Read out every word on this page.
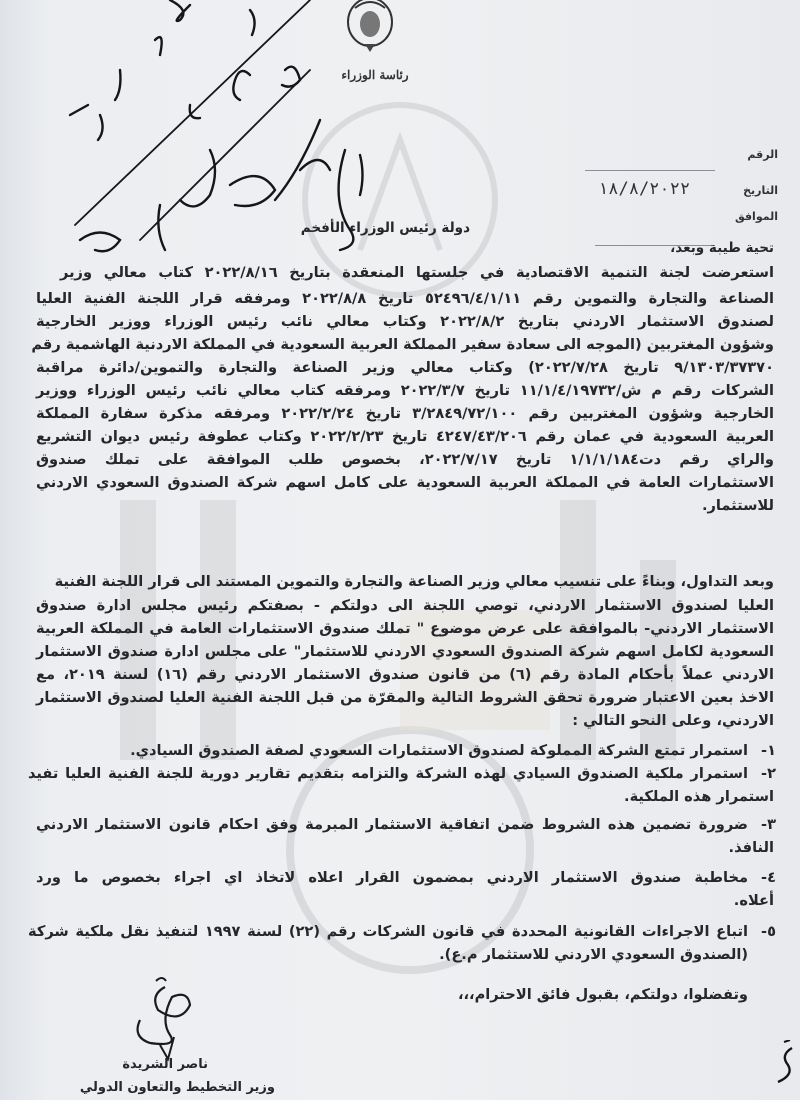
رئاسة الوزراء
الرقم
التاريخ
١٨/٨/٢٠٢٢
الموافق
دولة رئيس الوزراء الأفخم
تحية طيبة وبعد،
استعرضت لجنة التنمية الاقتصادية في جلستها المنعقدة بتاريخ ٢٠٢٢/٨/١٦ كتاب معالي وزير
الصناعة والتجارة والتموين رقم ٥٢٤٩٦/٤/١/١١ تاريخ ٢٠٢٢/٨/٨ ومرفقه قرار اللجنة الفنية العليا
لصندوق الاستثمار الاردني بتاريخ ٢٠٢٢/٨/٢ وكتاب معالي نائب رئيس الوزراء ووزير الخارجية
وشؤون المغتربين (الموجه الى سعادة سفير المملكة العربية السعودية في المملكة الاردنية الهاشمية رقم
٩/١٣٠٣/٣٧٣٧٠ تاريخ ٢٠٢٢/٧/٢٨) وكتاب معالي وزير الصناعة والتجارة والتموين/دائرة مراقبة
الشركات رقم م ش/١١/١/٤/١٩٧٣٢ تاريخ ٢٠٢٢/٣/٧ ومرفقه كتاب معالي نائب رئيس الوزراء ووزير
الخارجية وشؤون المغتربين رقم ٣/٢٨٤٩/٧٢/١٠٠ تاريخ ٢٠٢٢/٢/٢٤ ومرفقه مذكرة سفارة المملكة
العربية السعودية في عمان رقم ٤٢٤٧/٤٣/٢٠٦ تاريخ ٢٠٢٢/٢/٢٣ وكتاب عطوفة رئيس ديوان التشريع
والراي رقم دت١/١/١/١٨٤ تاريخ ٢٠٢٢/٧/١٧، بخصوص طلب الموافقة على تملك صندوق
الاستثمارات العامة في المملكة العربية السعودية على كامل اسهم شركة الصندوق السعودي الاردني
للاستثمار.
وبعد التداول، وبناءً على تنسيب معالي وزير الصناعة والتجارة والتموين المستند الى قرار اللجنة الفنية
العليا لصندوق الاستثمار الاردني، توصي اللجنة الى دولتكم - بصفتكم رئيس مجلس ادارة صندوق
الاستثمار الاردني- بالموافقة على عرض موضوع " تملك صندوق الاستثمارات العامة في المملكة العربية
السعودية لكامل اسهم شركة الصندوق السعودي الاردني للاستثمار" على مجلس ادارة صندوق الاستثمار
الاردني عملاً بأحكام المادة رقم (٦) من قانون صندوق الاستثمار الاردني رقم (١٦) لسنة ٢٠١٩، مع
الاخذ بعين الاعتبار ضرورة تحقق الشروط التالية والمقرّة من قبل اللجنة الفنية العليا لصندوق الاستثمار
الاردني، وعلى النحو التالي :
١-
استمرار تمتع الشركة المملوكة لصندوق الاستثمارات السعودي لصفة الصندوق السيادي.
٢-
استمرار ملكية الصندوق السيادي لهذه الشركة والتزامه بتقديم تقارير دورية للجنة الفنية العليا تفيد
استمرار هذه الملكية.
٣-
ضرورة تضمين هذه الشروط ضمن اتفاقية الاستثمار المبرمة وفق احكام قانون الاستثمار الاردني
النافذ.
٤-
مخاطبة صندوق الاستثمار الاردني بمضمون القرار اعلاه لاتخاذ اي اجراء بخصوص ما ورد
أعلاه.
٥-
اتباع الاجراءات القانونية المحددة في قانون الشركات رقم (٢٢) لسنة ١٩٩٧ لتنفيذ نقل ملكية شركة
(الصندوق السعودي الاردني للاستثمار م.ع).
وتفضلوا، دولتكم، بقبول فائق الاحترام،،،
ناصر الشريدة
وزير التخطيط والتعاون الدولي
